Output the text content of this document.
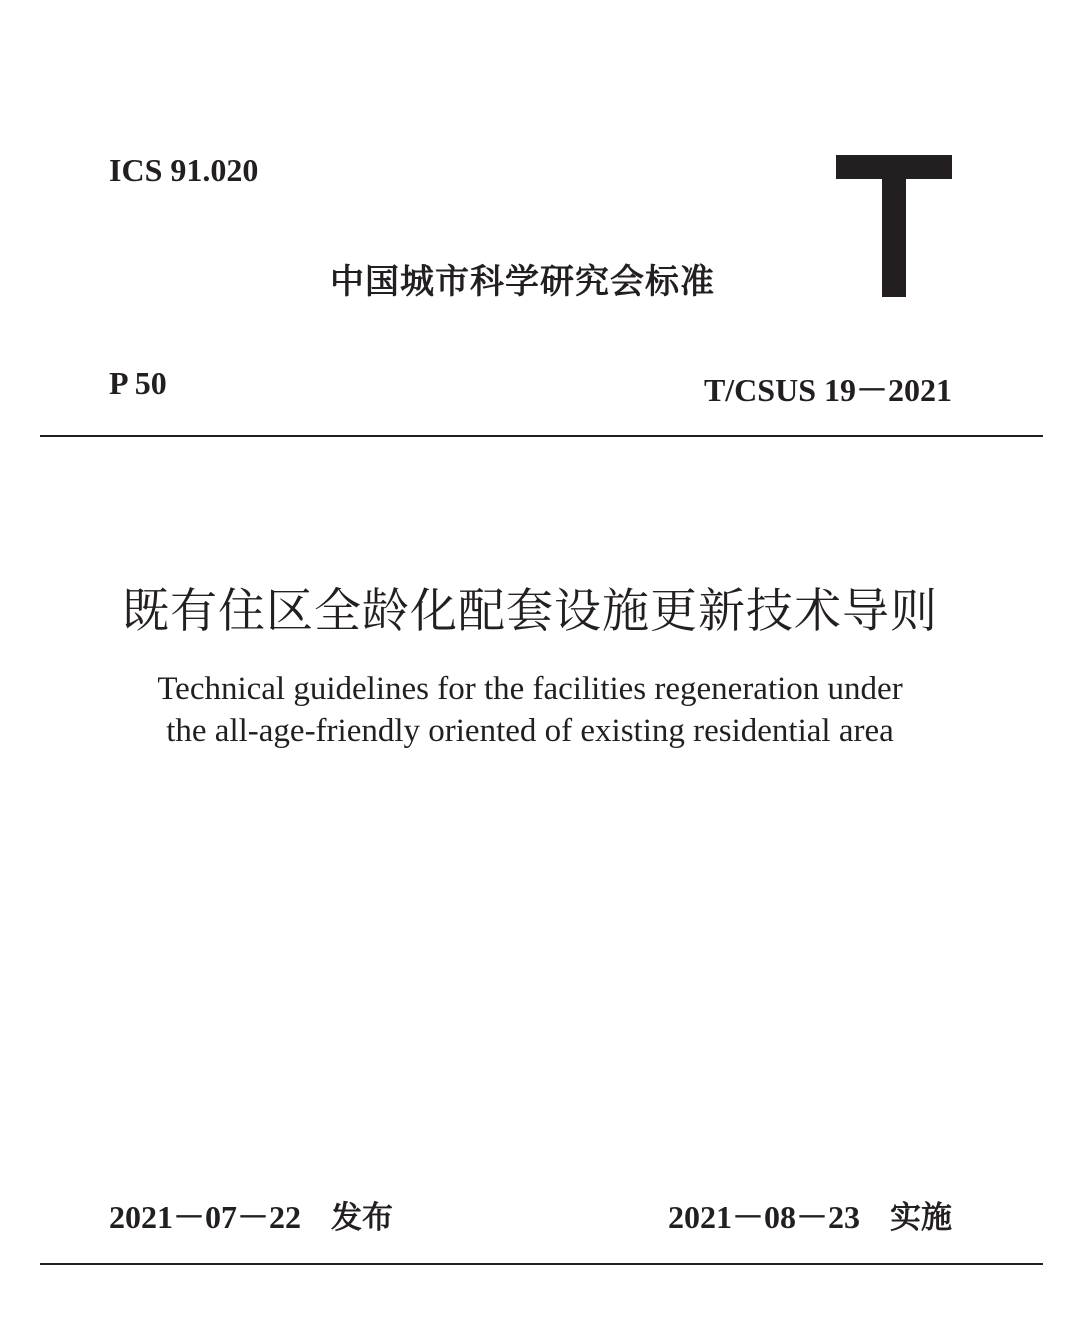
ICS 91.020
中国城市科学研究会标准
P 50	T/CSUS 19－2021
既有住区全龄化配套设施更新技术导则
Technical guidelines for the facilities regeneration under
the all-age-friendly oriented of existing residential area
2021－07－22 发布	2021－08－23 实施
